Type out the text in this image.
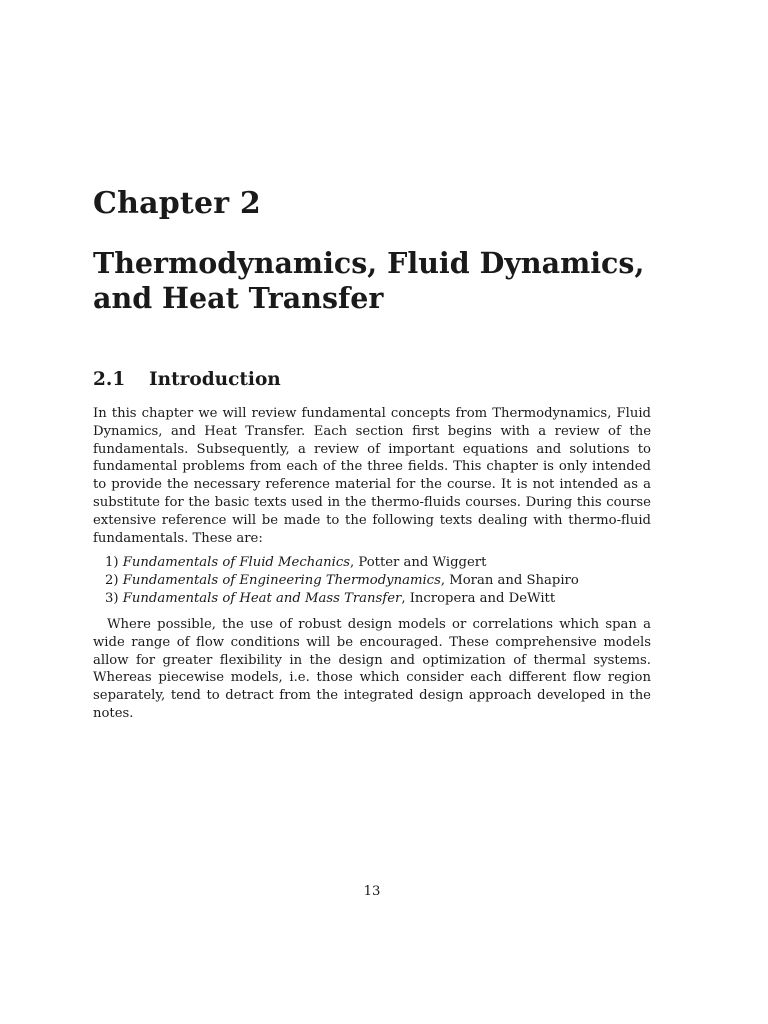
Chapter 2
Thermodynamics, Fluid Dynamics, and Heat Transfer
2.1 Introduction

In this chapter we will review fundamental concepts from Thermodynamics, Fluid Dynamics, and Heat Transfer. Each section first begins with a review of the fundamentals. Subsequently, a review of important equations and solutions to fundamental problems from each of the three fields. This chapter is only intended to provide the necessary reference material for the course. It is not intended as a substitute for the basic texts used in the thermo-fluids courses. During this course extensive reference will be made to the following texts dealing with thermo-fluid fundamentals. These are:

1) Fundamentals of Fluid Mechanics, Potter and Wiggert
2) Fundamentals of Engineering Thermodynamics, Moran and Shapiro
3) Fundamentals of Heat and Mass Transfer, Incropera and DeWitt

Where possible, the use of robust design models or correlations which span a wide range of flow conditions will be encouraged. These comprehensive models allow for greater flexibility in the design and optimization of thermal systems. Whereas piecewise models, i.e. those which consider each different flow region separately, tend to detract from the integrated design approach developed in the notes.

13
